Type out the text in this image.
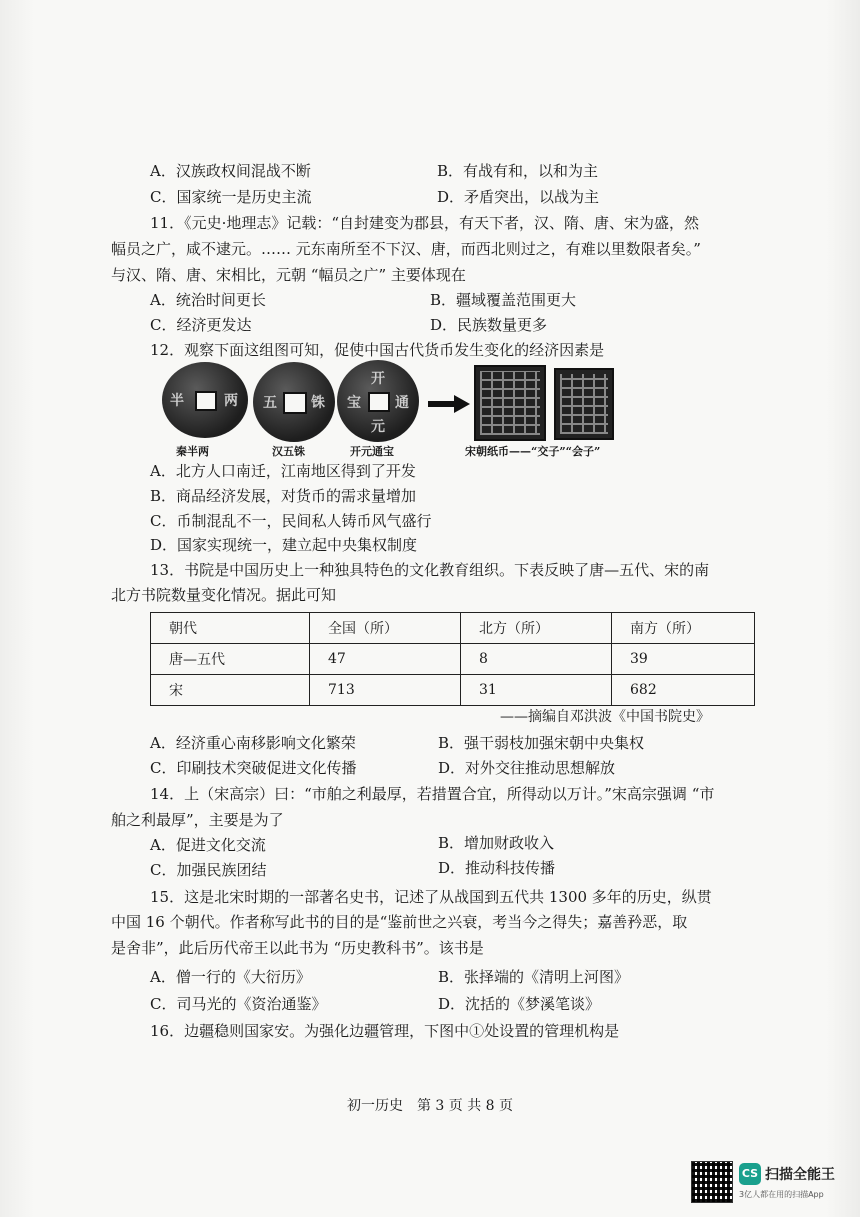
A．汉族政权间混战不断	B．有战有和，以和为主
C．国家统一是历史主流	D．矛盾突出，以战为主
11．《元史·地理志》记载：“自封建变为郡县，有天下者，汉、隋、唐、宋为盛，然
幅员之广，咸不逮元。…… 元东南所至不下汉、唐，而西北则过之，有难以里数限者矣。”
与汉、隋、唐、宋相比，元朝 “幅员之广” 主要体现在
A．统治时间更长	B．疆域覆盖范围更大
C．经济更发达	D．民族数量更多
12．观察下面这组图可知，促使中国古代货币发生变化的经济因素是
半	两 五 铢
开
元
通
宝
秦半两	汉五铢	开元通宝	宋朝纸币——“交子”“会子”
A．北方人口南迁，江南地区得到了开发
B．商品经济发展，对货币的需求量增加
C．币制混乱不一，民间私人铸币风气盛行
D．国家实现统一，建立起中央集权制度
13．书院是中国历史上一种独具特色的文化教育组织。下表反映了唐—五代、宋的南
北方书院数量变化情况。据此可知
朝代	全国（所）	北方（所）	南方（所）
唐—五代	47	8	39
宋	713	31	682
——摘编自邓洪波《中国书院史》
A．经济重心南移影响文化繁荣	B．强干弱枝加强宋朝中央集权
C．印刷技术突破促进文化传播	D．对外交往推动思想解放
14．上（宋高宗）曰：“市舶之利最厚，若措置合宜，所得动以万计。”宋高宗强调 “市
舶之利最厚”，主要是为了
A．促进文化交流	B．增加财政收入
C．加强民族团结	D．推动科技传播
15．这是北宋时期的一部著名史书，记述了从战国到五代共 1300 多年的历史，纵贯
中国 16 个朝代。作者称写此书的目的是“鉴前世之兴衰，考当今之得失；嘉善矜恶，取
是舍非”，此后历代帝王以此书为 “历史教科书”。该书是
A．僧一行的《大衍历》	B．张择端的《清明上河图》
C．司马光的《资治通鉴》	D．沈括的《梦溪笔谈》
16．边疆稳则国家安。为强化边疆管理，下图中①处设置的管理机构是
初一历史　第 3 页 共 8 页
CS 扫描全能王
3亿人都在用的扫描App
